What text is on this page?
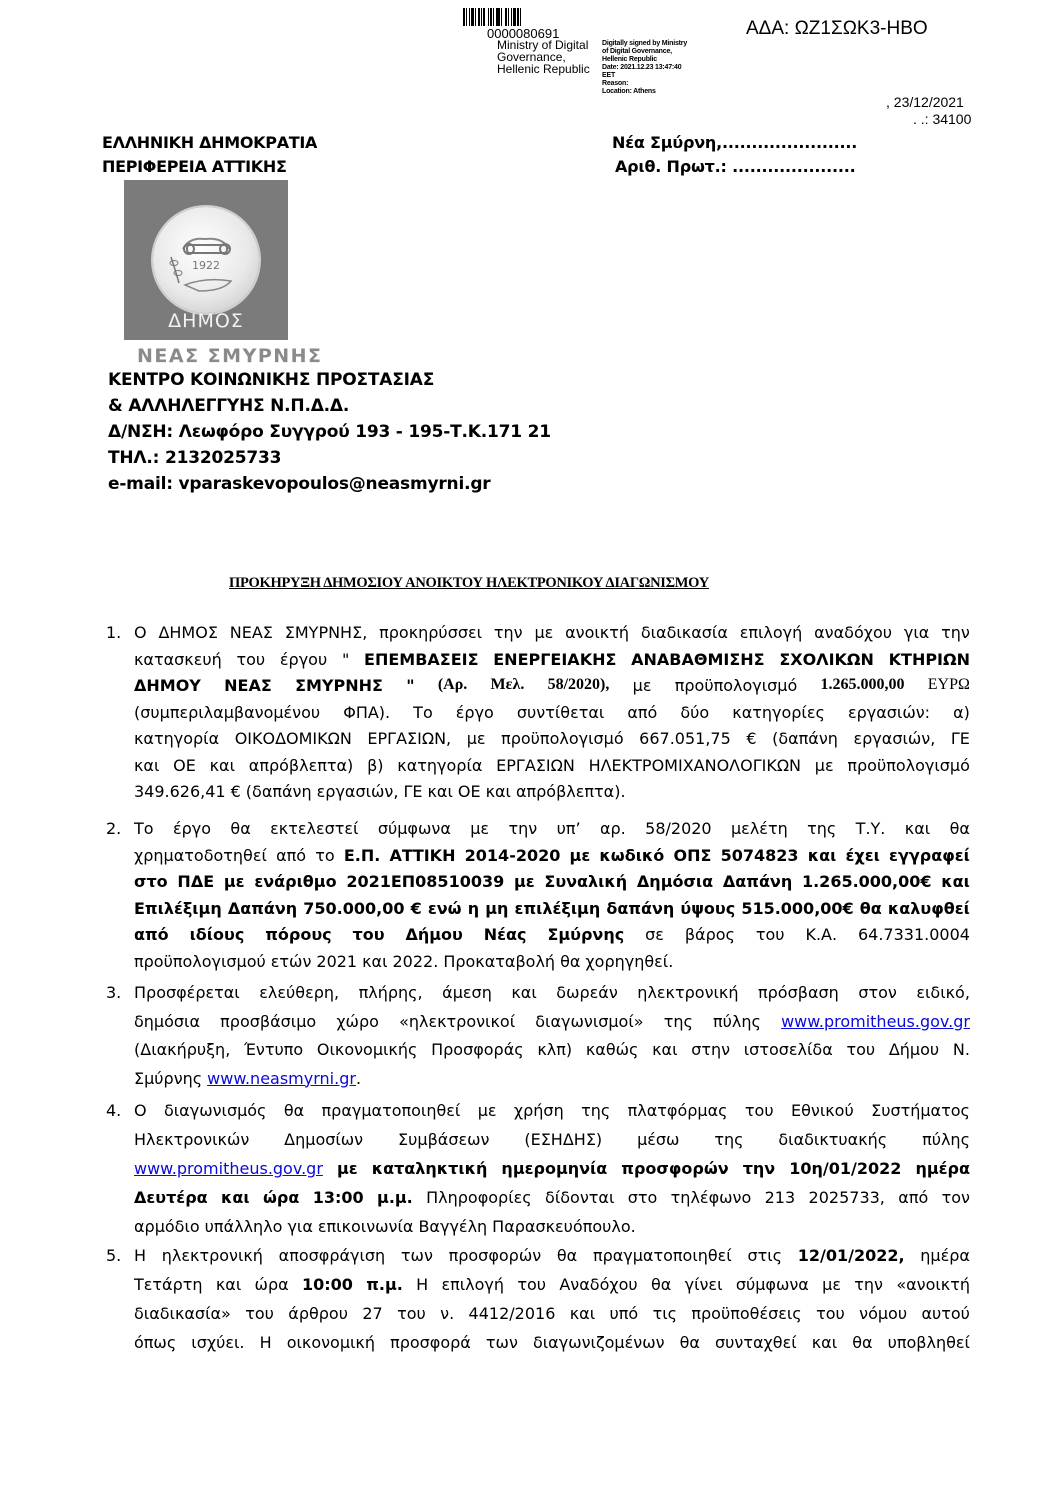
0000080691
Ministry of Digital
Governance,
Hellenic Republic
Digitally signed by Ministry
of Digital Governance,
Hellenic Republic
Date: 2021.12.23 13:47:40
EET
Reason:
Location: Athens
ΑΔΑ: ΩΖ1ΣΩΚ3-ΗΒΟ
, 23/12/2021
. .: 34100
ΕΛΛΗΝΙΚΗ ΔΗΜΟΚΡΑΤΙΑ
ΠΕΡΙΦΕΡΕΙΑ ΑΤΤΙΚΗΣ
Νέα Σμύρνη,.......................
Αριθ. Πρωτ.: .....................
1922
ΔΗΜΟΣ
ΝΕΑΣ ΣΜΥΡΝΗΣ
ΚΕΝΤΡΟ ΚΟΙΝΩΝΙΚΗΣ ΠΡΟΣΤΑΣΙΑΣ
& ΑΛΛΗΛΕΓΓΥΗΣ Ν.Π.Δ.Δ.
Δ/ΝΣΗ: Λεωφόρο Συγγρού 193 - 195-Τ.Κ.171 21
ΤΗΛ.: 2132025733
e-mail: vparaskevopoulos@neasmyrni.gr
ΠΡΟΚΗΡΥΞΗ ΔΗΜΟΣΙΟΥ ΑΝΟΙΚΤΟΥ ΗΛΕΚΤΡΟΝΙΚΟΥ ΔΙΑΓΩΝΙΣΜΟΥ
1. Ο ΔΗΜΟΣ ΝΕΑΣ ΣΜΥΡΝΗΣ, προκηρύσσει την με ανοικτή διαδικασία επιλογή αναδόχου για την
κατασκευή του έργου " ΕΠΕΜΒΑΣΕΙΣ ΕΝΕΡΓΕΙΑΚΗΣ ΑΝΑΒΑΘΜΙΣΗΣ ΣΧΟΛΙΚΩΝ ΚΤΗΡΙΩΝ
ΔΗΜΟΥ ΝΕΑΣ ΣΜΥΡΝΗΣ " (Αρ. Μελ. 58/2020), με προϋπολογισμό 1.265.000,00 ΕΥΡΩ
(συμπεριλαμβανομένου ΦΠΑ). Το έργο συντίθεται από δύο κατηγορίες εργασιών: α)
κατηγορία ΟΙΚΟΔΟΜΙΚΩΝ ΕΡΓΑΣΙΩΝ, με προϋπολογισμό 667.051,75 € (δαπάνη εργασιών, ΓΕ
και ΟΕ και απρόβλεπτα) β) κατηγορία ΕΡΓΑΣΙΩΝ ΗΛΕΚΤΡΟΜΙΧΑΝΟΛΟΓΙΚΩΝ με προϋπολογισμό
349.626,41 € (δαπάνη εργασιών, ΓΕ και ΟΕ και απρόβλεπτα).
2. Το έργο θα εκτελεστεί σύμφωνα με την υπ’ αρ. 58/2020 μελέτη της Τ.Υ. και θα
χρηματοδοτηθεί από το Ε.Π. ΑΤΤΙΚΗ 2014-2020 με κωδικό ΟΠΣ 5074823 και έχει εγγραφεί
στο ΠΔΕ με ενάριθμο 2021ΕΠ08510039 με Συναλική Δημόσια Δαπάνη 1.265.000,00€ και
Επιλέξιμη Δαπάνη 750.000,00 € ενώ η μη επιλέξιμη δαπάνη ύψους 515.000,00€ θα καλυφθεί
από ιδίους πόρους του Δήμου Νέας Σμύρνης σε βάρος του Κ.Α. 64.7331.0004
προϋπολογισμού ετών 2021 και 2022. Προκαταβολή θα χορηγηθεί.
3. Προσφέρεται ελεύθερη, πλήρης, άμεση και δωρεάν ηλεκτρονική πρόσβαση στον ειδικό,
δημόσια προσβάσιμο χώρο «ηλεκτρονικοί διαγωνισμοί» της πύλης www.promitheus.gov.gr
(Διακήρυξη, Έντυπο Οικονομικής Προσφοράς κλπ) καθώς και στην ιστοσελίδα του Δήμου Ν.
Σμύρνης www.neasmyrni.gr .
4. Ο διαγωνισμός θα πραγματοποιηθεί με χρήση της πλατφόρμας του Εθνικού Συστήματος
Ηλεκτρονικών Δημοσίων Συμβάσεων (ΕΣΗΔΗΣ) μέσω της διαδικτυακής πύλης
www.promitheus.gov.gr με καταληκτική ημερομηνία προσφορών την 10η/01/2022 ημέρα
Δευτέρα και ώρα 13:00 μ.μ. Πληροφορίες δίδονται στο τηλέφωνο 213 2025733, από τον
αρμόδιο υπάλληλο για επικοινωνία Βαγγέλη Παρασκευόπουλο.
5. Η ηλεκτρονική αποσφράγιση των προσφορών θα πραγματοποιηθεί στις 12/01/2022, ημέρα
Τετάρτη και ώρα 10:00 π.μ. Η επιλογή του Αναδόχου θα γίνει σύμφωνα με την «ανοικτή
διαδικασία» του άρθρου 27 του ν. 4412/2016 και υπό τις προϋποθέσεις του νόμου αυτού
όπως ισχύει. Η οικονομική προσφορά των διαγωνιζομένων θα συνταχθεί και θα υποβληθεί
